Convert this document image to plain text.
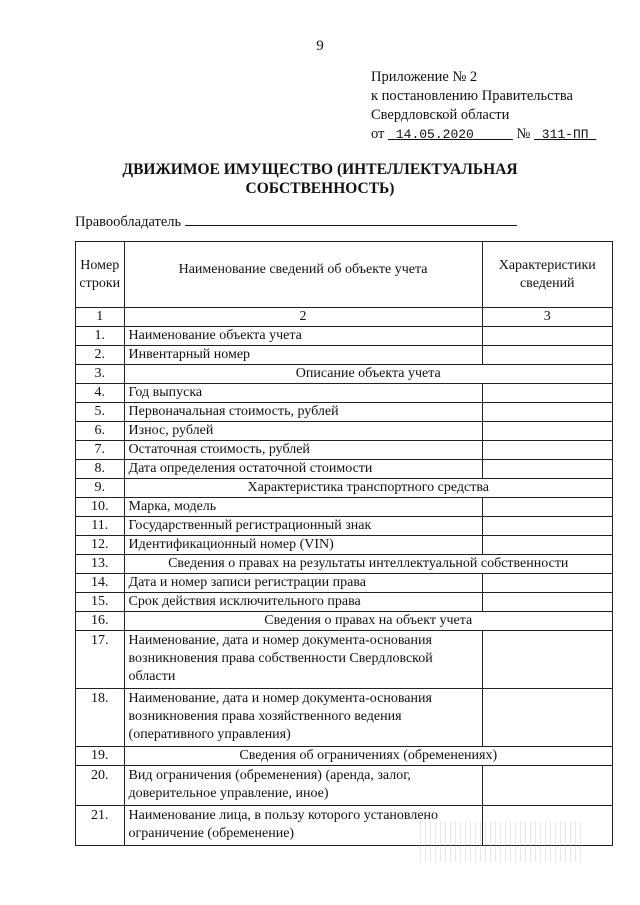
9
Приложение № 2
к постановлению Правительства
Свердловской области
от 14.05.2020	№ 311-ПП
ДВИЖИМОЕ ИМУЩЕСТВО (ИНТЕЛЛЕКТУАЛЬНАЯ
СОБСТВЕННОСТЬ)
Правообладатель
Номер строки	Наименование сведений об объекте учета	Характеристики сведений
1	2	3
1.	Наименование объекта учета	
2.	Инвентарный номер	
3.	Описание объекта учета	
4.	Год выпуска	
5.	Первоначальная стоимость, рублей	
6.	Износ, рублей	
7.	Остаточная стоимость, рублей	
8.	Дата определения остаточной стоимости	
9.	Характеристика транспортного средства	
10.	Марка, модель	
11.	Государственный регистрационный знак	
12.	Идентификационный номер (VIN)	
13.	Сведения о правах на результаты интеллектуальной собственности	
14.	Дата и номер записи регистрации права	
15.	Срок действия исключительного права	
16.	Сведения о правах на объект учета	
17.	Наименование, дата и номер документа-основания возникновения права собственности Свердловской области	
18.	Наименование, дата и номер документа-основания возникновения права хозяйственного ведения (оперативного управления)	
19.	Сведения об ограничениях (обременениях)	
20.	Вид ограничения (обременения) (аренда, залог, доверительное управление, иное)	
21.	Наименование лица, в пользу которого установлено ограничение (обременение)	
